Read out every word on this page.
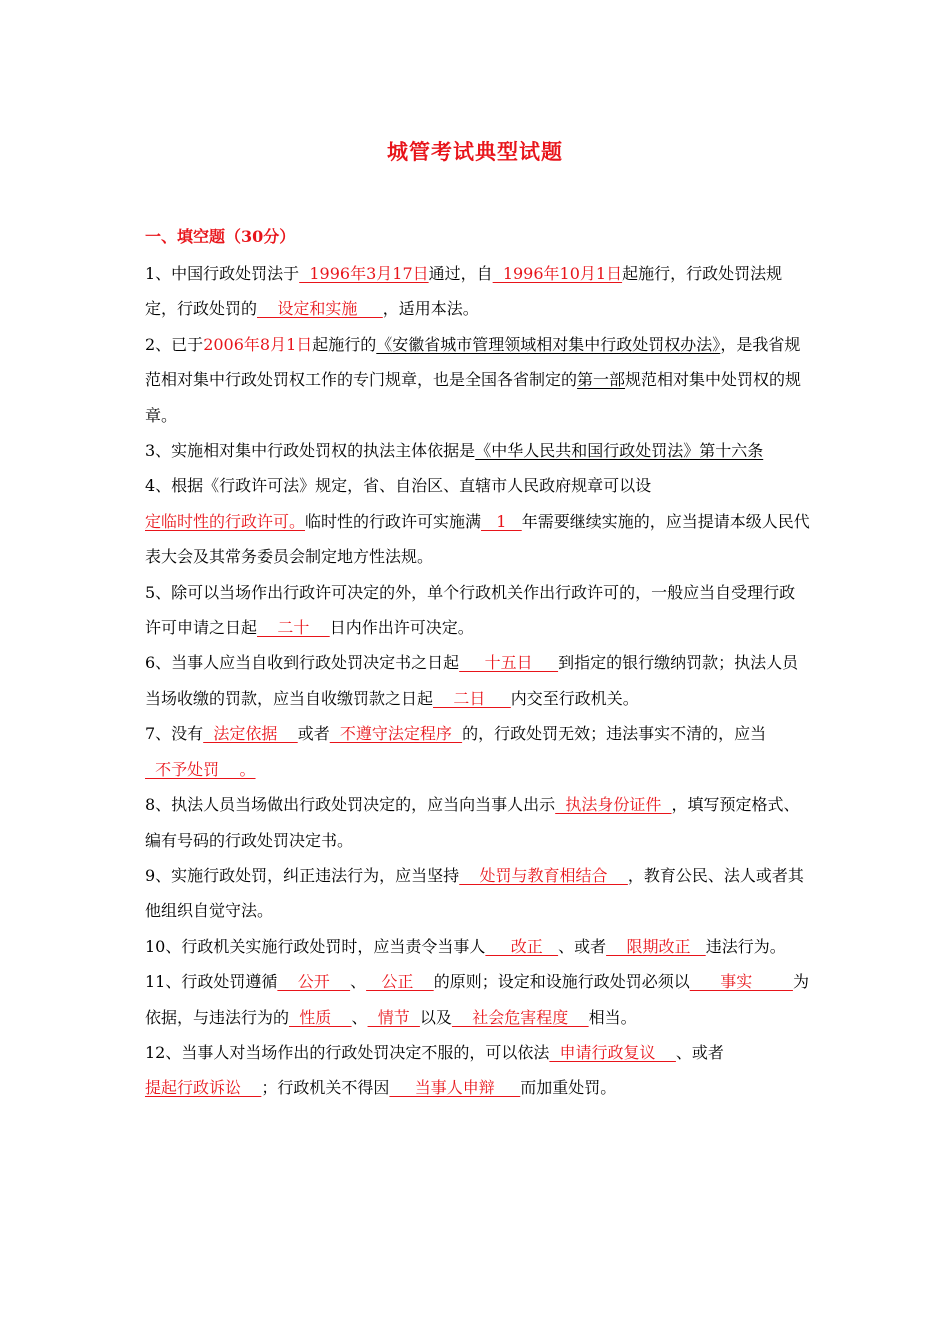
城管考试典型试题
一、填空题（30分）

1、中国行政处罚法于  1996年3月17日通过，自  1996年10月1日起施行，行政处罚法规定，行政处罚的    设定和实施     ，适用本法。

2、已于2006年8月1日起施行的《安徽省城市管理领域相对集中行政处罚权办法》，是我省规范相对集中行政处罚权工作的专门规章，也是全国各省制定的第一部规范相对集中处罚权的规章。

3、实施相对集中行政处罚权的执法主体依据是《中华人民共和国行政处罚法》第十六条

4、根据《行政许可法》规定，省、自治区、直辖市人民政府规章可以设定临时性的行政许可。临时性的行政许可实施满   1   年需要继续实施的，应当提请本级人民代表大会及其常务委员会制定地方性法规。

5、除可以当场作出行政许可决定的外，单个行政机关作出行政许可的，一般应当自受理行政许可申请之日起    二十    日内作出许可决定。

6、当事人应当自收到行政处罚决定书之日起     十五日     到指定的银行缴纳罚款；执法人员当场收缴的罚款，应当自收缴罚款之日起    二日     内交至行政机关。

7、没有  法定依据    或者  不遵守法定程序  的，行政处罚无效；违法事实不清的，应当  不予处罚    。

8、执法人员当场做出行政处罚决定的，应当向当事人出示  执法身份证件  ，填写预定格式、编有号码的行政处罚决定书。

9、实施行政处罚，纠正违法行为，应当坚持    处罚与教育相结合    ，教育公民、法人或者其他组织自觉守法。

10、行政机关实施行政处罚时，应当责令当事人     改正   、或者    限期改正   违法行为。

11、行政处罚遵循    公开    、   公正    的原则；设定和设施行政处罚必须以      事实        为依据，与违法行为的  性质    、  情节  以及    社会危害程度    相当。

12、当事人对当场作出的行政处罚决定不服的，可以依法  申请行政复议    、或者提起行政诉讼    ；行政机关不得因     当事人申辩     而加重处罚。
